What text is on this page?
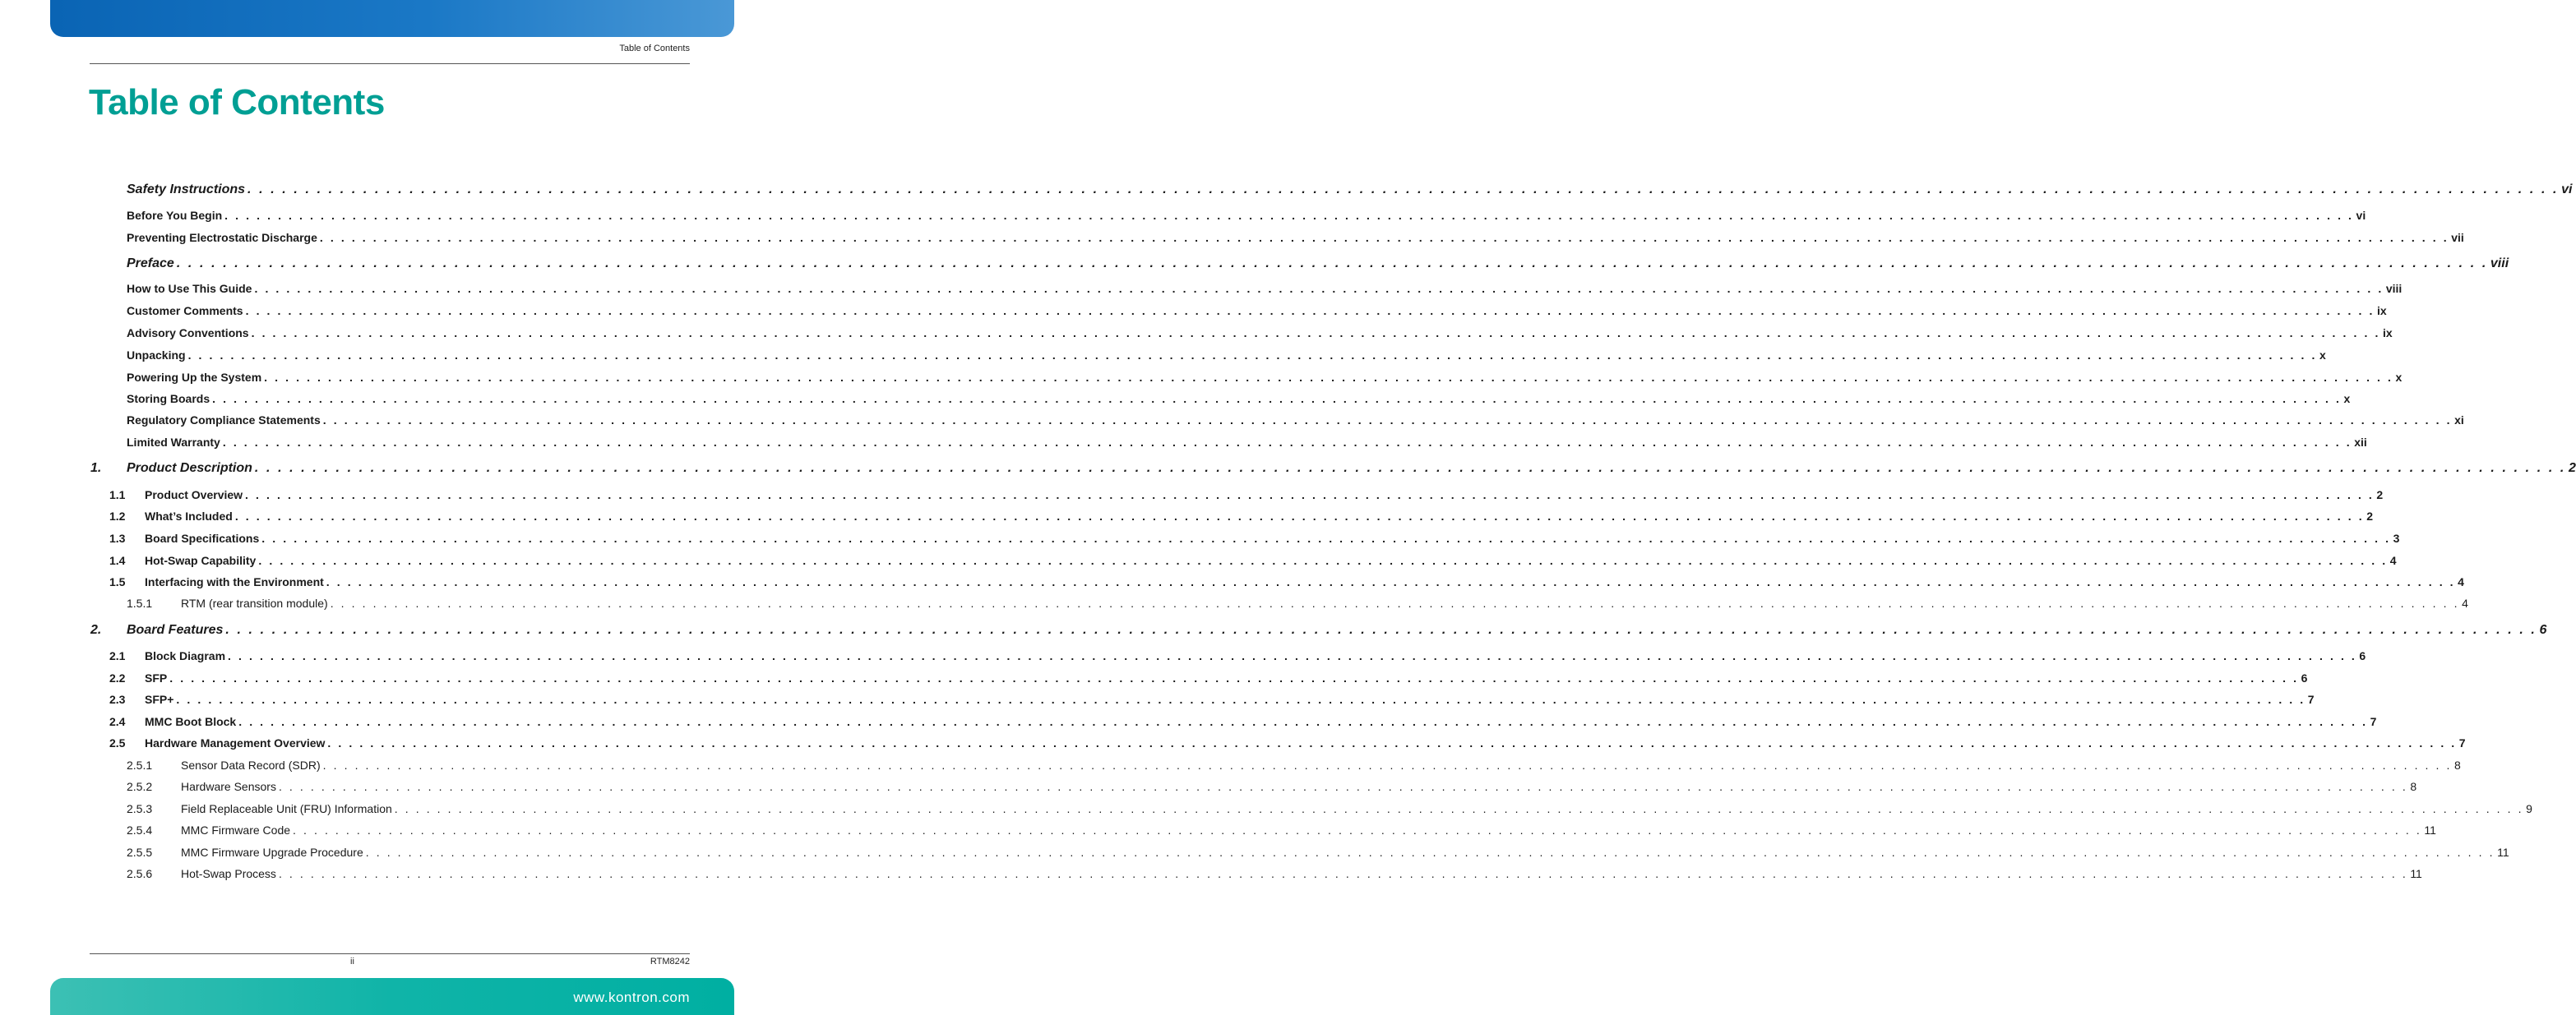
Table of Contents
Table of Contents
Safety Instructions . . . . . . . . . . . . . . . . . . . . . . . . . . . . . . . . . . . . . . . . . . . . . . . . . . . . . . . . . . . . . . . . . . . . . . . . . . . . . . . . . . . . . . . . . . . . . . . . . . . . . . . . . . . . . . . . . . . . . . . . . . . . . . . . . . . . . . . . . . . . . . . . . . . . . . . . . . . . . . . . . . . . . . . . . . . . . . . . . . . . . . . . . . . . . . . . . . . . . . . . vi
Before You Begin . . . . . . . . . . . . . . . . . . . . . . . . . . . . . . . . . . . . . . . . . . . . . . . . . . . . . . . . . . . . . . . . . . . . . . . . . . . . . . . . . . . . . . . . . . . . . . . . . . . . . . . . . . . . . . . . . . . . . . . . . . . . . . . . . . . . . . . . . . . . . . . . . . . . . . . . . . . . . . . . . . . . . . . . . . . . . . . . . . . . . . . . . . . . . . . . . . . . . . . . vi
Preventing Electrostatic Discharge . . . . . . . . . . . . . . . . . . . . . . . . . . . . . . . . . . . . . . . . . . . . . . . . . . . . . . . . . . . . . . . . . . . . . . . . . . . . . . . . . . . . . . . . . . . . . . . . . . . . . . . . . . . . . . . . . . . . . . . . . . . . . . . . . . . . . . . . . . . . . . . . . . . . . . . . . . . . . . . . . . . . . . . . . . . . . . . . . . . . . . . . . . . . . . . . . . . . . . . . vii
Preface . . . . . . . . . . . . . . . . . . . . . . . . . . . . . . . . . . . . . . . . . . . . . . . . . . . . . . . . . . . . . . . . . . . . . . . . . . . . . . . . . . . . . . . . . . . . . . . . . . . . . . . . . . . . . . . . . . . . . . . . . . . . . . . . . . . . . . . . . . . . . . . . . . . . . . . . . . . . . . . . . . . . . . . . . . . . . . . . . . . . . . . . . . . . . . . . . . . . . . . . viii
How to Use This Guide . . . . . . . . . . . . . . . . . . . . . . . . . . . . . . . . . . . . . . . . . . . . . . . . . . . . . . . . . . . . . . . . . . . . . . . . . . . . . . . . . . . . . . . . . . . . . . . . . . . . . . . . . . . . . . . . . . . . . . . . . . . . . . . . . . . . . . . . . . . . . . . . . . . . . . . . . . . . . . . . . . . . . . . . . . . . . . . . . . . . . . . . . . . . . . . . . . . . . . . . viii
Customer Comments . . . . . . . . . . . . . . . . . . . . . . . . . . . . . . . . . . . . . . . . . . . . . . . . . . . . . . . . . . . . . . . . . . . . . . . . . . . . . . . . . . . . . . . . . . . . . . . . . . . . . . . . . . . . . . . . . . . . . . . . . . . . . . . . . . . . . . . . . . . . . . . . . . . . . . . . . . . . . . . . . . . . . . . . . . . . . . . . . . . . . . . . . . . . . . . . . . . . . . . . ix
Advisory Conventions . . . . . . . . . . . . . . . . . . . . . . . . . . . . . . . . . . . . . . . . . . . . . . . . . . . . . . . . . . . . . . . . . . . . . . . . . . . . . . . . . . . . . . . . . . . . . . . . . . . . . . . . . . . . . . . . . . . . . . . . . . . . . . . . . . . . . . . . . . . . . . . . . . . . . . . . . . . . . . . . . . . . . . . . . . . . . . . . . . . . . . . . . . . . . . . . . . . . . . . . ix
Unpacking . . . . . . . . . . . . . . . . . . . . . . . . . . . . . . . . . . . . . . . . . . . . . . . . . . . . . . . . . . . . . . . . . . . . . . . . . . . . . . . . . . . . . . . . . . . . . . . . . . . . . . . . . . . . . . . . . . . . . . . . . . . . . . . . . . . . . . . . . . . . . . . . . . . . . . . . . . . . . . . . . . . . . . . . . . . . . . . . . . . . . . . . . . . . . . . . . . . . . . . . x
Powering Up the System . . . . . . . . . . . . . . . . . . . . . . . . . . . . . . . . . . . . . . . . . . . . . . . . . . . . . . . . . . . . . . . . . . . . . . . . . . . . . . . . . . . . . . . . . . . . . . . . . . . . . . . . . . . . . . . . . . . . . . . . . . . . . . . . . . . . . . . . . . . . . . . . . . . . . . . . . . . . . . . . . . . . . . . . . . . . . . . . . . . . . . . . . . . . . . . . . . . . . . . . x
Storing Boards . . . . . . . . . . . . . . . . . . . . . . . . . . . . . . . . . . . . . . . . . . . . . . . . . . . . . . . . . . . . . . . . . . . . . . . . . . . . . . . . . . . . . . . . . . . . . . . . . . . . . . . . . . . . . . . . . . . . . . . . . . . . . . . . . . . . . . . . . . . . . . . . . . . . . . . . . . . . . . . . . . . . . . . . . . . . . . . . . . . . . . . . . . . . . . . . . . . . . . . . x
Regulatory Compliance Statements . . . . . . . . . . . . . . . . . . . . . . . . . . . . . . . . . . . . . . . . . . . . . . . . . . . . . . . . . . . . . . . . . . . . . . . . . . . . . . . . . . . . . . . . . . . . . . . . . . . . . . . . . . . . . . . . . . . . . . . . . . . . . . . . . . . . . . . . . . . . . . . . . . . . . . . . . . . . . . . . . . . . . . . . . . . . . . . . . . . . . . . . . . . . . . . . . . . . . . . . xi
Limited Warranty . . . . . . . . . . . . . . . . . . . . . . . . . . . . . . . . . . . . . . . . . . . . . . . . . . . . . . . . . . . . . . . . . . . . . . . . . . . . . . . . . . . . . . . . . . . . . . . . . . . . . . . . . . . . . . . . . . . . . . . . . . . . . . . . . . . . . . . . . . . . . . . . . . . . . . . . . . . . . . . . . . . . . . . . . . . . . . . . . . . . . . . . . . . . . . . . . . . . . . . . xii
1. Product Description . . . . . . . . . . . . . . . . . . . . . . . . . . . . . . . . . . . . . . . . . . . . . . . . . . . . . . . . . . . . . . . . . . . . . . . . . . . . . . . . . . . . . . . . . . . . . . . . . . . . . . . . . . . . . . . . . . . . . . . . . . . . . . . . . . . . . . . . . . . . . . . . . . . . . . . . . . . . . . . . . . . . . . . . . . . . . . . . . . . . . . . . . . . . . . . . . . . . . . . . 2
1.1 Product Overview . . . . . . . . . . . . . . . . . . . . . . . . . . . . . . . . . . . . . . . . . . . . . . . . . . . . . . . . . . . . . . . . . . . . . . . . . . . . . . . . . . . . . . . . . . . . . . . . . . . . . . . . . . . . . . . . . . . . . . . . . . . . . . . . . . . . . . . . . . . . . . . . . . . . . . . . . . . . . . . . . . . . . . . . . . . . . . . . . . . . . . . . . . . . . . . . . . . . . . . . 2
1.2 What’s Included . . . . . . . . . . . . . . . . . . . . . . . . . . . . . . . . . . . . . . . . . . . . . . . . . . . . . . . . . . . . . . . . . . . . . . . . . . . . . . . . . . . . . . . . . . . . . . . . . . . . . . . . . . . . . . . . . . . . . . . . . . . . . . . . . . . . . . . . . . . . . . . . . . . . . . . . . . . . . . . . . . . . . . . . . . . . . . . . . . . . . . . . . . . . . . . . . . . . . . . . 2
1.3 Board Specifications . . . . . . . . . . . . . . . . . . . . . . . . . . . . . . . . . . . . . . . . . . . . . . . . . . . . . . . . . . . . . . . . . . . . . . . . . . . . . . . . . . . . . . . . . . . . . . . . . . . . . . . . . . . . . . . . . . . . . . . . . . . . . . . . . . . . . . . . . . . . . . . . . . . . . . . . . . . . . . . . . . . . . . . . . . . . . . . . . . . . . . . . . . . . . . . . . . . . . . . . 3
1.4 Hot-Swap Capability . . . . . . . . . . . . . . . . . . . . . . . . . . . . . . . . . . . . . . . . . . . . . . . . . . . . . . . . . . . . . . . . . . . . . . . . . . . . . . . . . . . . . . . . . . . . . . . . . . . . . . . . . . . . . . . . . . . . . . . . . . . . . . . . . . . . . . . . . . . . . . . . . . . . . . . . . . . . . . . . . . . . . . . . . . . . . . . . . . . . . . . . . . . . . . . . . . . . . . . . 4
1.5 Interfacing with the Environment . . . . . . . . . . . . . . . . . . . . . . . . . . . . . . . . . . . . . . . . . . . . . . . . . . . . . . . . . . . . . . . . . . . . . . . . . . . . . . . . . . . . . . . . . . . . . . . . . . . . . . . . . . . . . . . . . . . . . . . . . . . . . . . . . . . . . . . . . . . . . . . . . . . . . . . . . . . . . . . . . . . . . . . . . . . . . . . . . . . . . . . . . . . . . . . . . . . . . . . . 4
1.5.1 RTM (rear transition module) . . . . . . . . . . . . . . . . . . . . . . . . . . . . . . . . . . . . . . . . . . . . . . . . . . . . . . . . . . . . . . . . . . . . . . . . . . . . . . . . . . . . . . . . . . . . . . . . . . . . . . . . . . . . . . . . . . . . . . . . . . . . . . . . . . . . . . . . . . . . . . . . . . . . . . . . . . . . . . . . . . . . . . . . . . . . . . . . . . . . . . . . . . . . . . . . . . . . . . . . 4
2. Board Features . . . . . . . . . . . . . . . . . . . . . . . . . . . . . . . . . . . . . . . . . . . . . . . . . . . . . . . . . . . . . . . . . . . . . . . . . . . . . . . . . . . . . . . . . . . . . . . . . . . . . . . . . . . . . . . . . . . . . . . . . . . . . . . . . . . . . . . . . . . . . . . . . . . . . . . . . . . . . . . . . . . . . . . . . . . . . . . . . . . . . . . . . . . . . . . . . . . . . . . . 6
2.1 Block Diagram . . . . . . . . . . . . . . . . . . . . . . . . . . . . . . . . . . . . . . . . . . . . . . . . . . . . . . . . . . . . . . . . . . . . . . . . . . . . . . . . . . . . . . . . . . . . . . . . . . . . . . . . . . . . . . . . . . . . . . . . . . . . . . . . . . . . . . . . . . . . . . . . . . . . . . . . . . . . . . . . . . . . . . . . . . . . . . . . . . . . . . . . . . . . . . . . . . . . . . . . 6
2.2 SFP . . . . . . . . . . . . . . . . . . . . . . . . . . . . . . . . . . . . . . . . . . . . . . . . . . . . . . . . . . . . . . . . . . . . . . . . . . . . . . . . . . . . . . . . . . . . . . . . . . . . . . . . . . . . . . . . . . . . . . . . . . . . . . . . . . . . . . . . . . . . . . . . . . . . . . . . . . . . . . . . . . . . . . . . . . . . . . . . . . . . . . . . . . . . . . . . . . . . . . . . 6
2.3 SFP+ . . . . . . . . . . . . . . . . . . . . . . . . . . . . . . . . . . . . . . . . . . . . . . . . . . . . . . . . . . . . . . . . . . . . . . . . . . . . . . . . . . . . . . . . . . . . . . . . . . . . . . . . . . . . . . . . . . . . . . . . . . . . . . . . . . . . . . . . . . . . . . . . . . . . . . . . . . . . . . . . . . . . . . . . . . . . . . . . . . . . . . . . . . . . . . . . . . . . . . . . 7
2.4 MMC Boot Block . . . . . . . . . . . . . . . . . . . . . . . . . . . . . . . . . . . . . . . . . . . . . . . . . . . . . . . . . . . . . . . . . . . . . . . . . . . . . . . . . . . . . . . . . . . . . . . . . . . . . . . . . . . . . . . . . . . . . . . . . . . . . . . . . . . . . . . . . . . . . . . . . . . . . . . . . . . . . . . . . . . . . . . . . . . . . . . . . . . . . . . . . . . . . . . . . . . . . . . . 7
2.5 Hardware Management Overview . . . . . . . . . . . . . . . . . . . . . . . . . . . . . . . . . . . . . . . . . . . . . . . . . . . . . . . . . . . . . . . . . . . . . . . . . . . . . . . . . . . . . . . . . . . . . . . . . . . . . . . . . . . . . . . . . . . . . . . . . . . . . . . . . . . . . . . . . . . . . . . . . . . . . . . . . . . . . . . . . . . . . . . . . . . . . . . . . . . . . . . . . . . . . . . . . . . . . . . . 7
2.5.1 Sensor Data Record (SDR) . . . . . . . . . . . . . . . . . . . . . . . . . . . . . . . . . . . . . . . . . . . . . . . . . . . . . . . . . . . . . . . . . . . . . . . . . . . . . . . . . . . . . . . . . . . . . . . . . . . . . . . . . . . . . . . . . . . . . . . . . . . . . . . . . . . . . . . . . . . . . . . . . . . . . . . . . . . . . . . . . . . . . . . . . . . . . . . . . . . . . . . . . . . . . . . . . . . . . . . . 8
2.5.2 Hardware Sensors . . . . . . . . . . . . . . . . . . . . . . . . . . . . . . . . . . . . . . . . . . . . . . . . . . . . . . . . . . . . . . . . . . . . . . . . . . . . . . . . . . . . . . . . . . . . . . . . . . . . . . . . . . . . . . . . . . . . . . . . . . . . . . . . . . . . . . . . . . . . . . . . . . . . . . . . . . . . . . . . . . . . . . . . . . . . . . . . . . . . . . . . . . . . . . . . . . . . . . . . 8
2.5.3 Field Replaceable Unit (FRU) Information . . . . . . . . . . . . . . . . . . . . . . . . . . . . . . . . . . . . . . . . . . . . . . . . . . . . . . . . . . . . . . . . . . . . . . . . . . . . . . . . . . . . . . . . . . . . . . . . . . . . . . . . . . . . . . . . . . . . . . . . . . . . . . . . . . . . . . . . . . . . . . . . . . . . . . . . . . . . . . . . . . . . . . . . . . . . . . . . . . . . . . . . . . . . . . . . . . . . . . . . 9
2.5.4 MMC Firmware Code . . . . . . . . . . . . . . . . . . . . . . . . . . . . . . . . . . . . . . . . . . . . . . . . . . . . . . . . . . . . . . . . . . . . . . . . . . . . . . . . . . . . . . . . . . . . . . . . . . . . . . . . . . . . . . . . . . . . . . . . . . . . . . . . . . . . . . . . . . . . . . . . . . . . . . . . . . . . . . . . . . . . . . . . . . . . . . . . . . . . . . . . . . . . . . . . . . . . . . . . 11
2.5.5 MMC Firmware Upgrade Procedure . . . . . . . . . . . . . . . . . . . . . . . . . . . . . . . . . . . . . . . . . . . . . . . . . . . . . . . . . . . . . . . . . . . . . . . . . . . . . . . . . . . . . . . . . . . . . . . . . . . . . . . . . . . . . . . . . . . . . . . . . . . . . . . . . . . . . . . . . . . . . . . . . . . . . . . . . . . . . . . . . . . . . . . . . . . . . . . . . . . . . . . . . . . . . . . . . . . . . . . . 11
2.5.6 Hot-Swap Process . . . . . . . . . . . . . . . . . . . . . . . . . . . . . . . . . . . . . . . . . . . . . . . . . . . . . . . . . . . . . . . . . . . . . . . . . . . . . . . . . . . . . . . . . . . . . . . . . . . . . . . . . . . . . . . . . . . . . . . . . . . . . . . . . . . . . . . . . . . . . . . . . . . . . . . . . . . . . . . . . . . . . . . . . . . . . . . . . . . . . . . . . . . . . . . . . . . . . . . . 11
ii	RTM8242
www.kontron.com
